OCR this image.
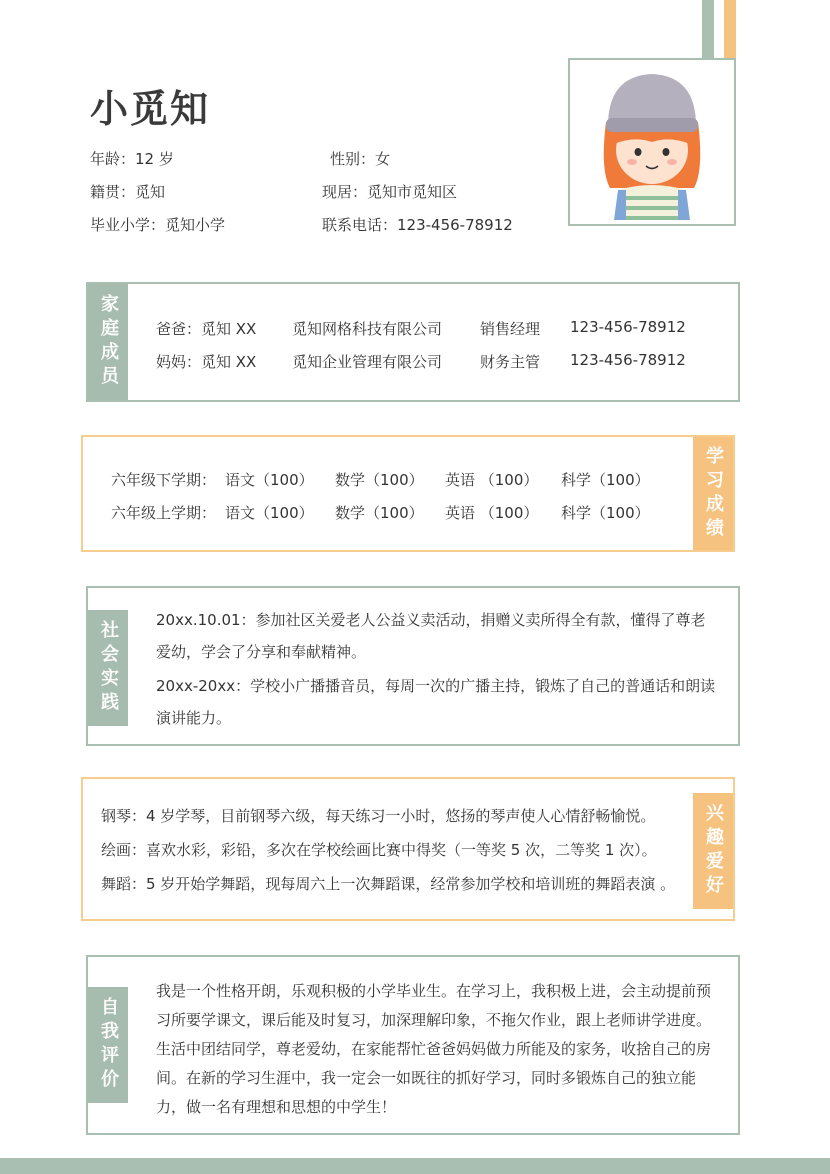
小觅知
年龄：12 岁	性别：女
籍贯：觅知	现居：觅知市觅知区
毕业小学：觅知小学	联系电话：123-456-78912
家庭成员	爸爸：觅知 XX 觅知网格科技有限公司	销售经理 123-456-78912
妈妈：觅知 XX 觅知企业管理有限公司	财务主管 123-456-78912
学习成绩
六年级下学期： 语文（100） 数学（100） 英语 （100） 科学（100）
六年级上学期： 语文（100） 数学（100） 英语 （100） 科学（100）
社会实践	20xx.10.01：参加社区关爱老人公益义卖活动，捐赠义卖所得全有款，懂得了尊老爱幼，学会了分享和奉献精神。
20xx-20xx：学校小广播播音员，每周一次的广播主持，锻炼了自己的普通话和朗读演讲能力。
兴趣爱好
钢琴：4 岁学琴，目前钢琴六级，每天练习一小时，悠扬的琴声使人心情舒畅愉悦。
绘画：喜欢水彩，彩铅，多次在学校绘画比赛中得奖（一等奖 5 次，二等奖 1 次）。
舞蹈：5 岁开始学舞蹈，现每周六上一次舞蹈课，经常参加学校和培训班的舞蹈表演 。
自我评价
我是一个性格开朗，乐观积极的小学毕业生。在学习上，我积极上进，会主动提前预习所要学课文，课后能及时复习，加深理解印象，不拖欠作业，跟上老师讲学进度。生活中团结同学，尊老爱幼，在家能帮忙爸爸妈妈做力所能及的家务，收捨自己的房间。在新的学习生涯中，我一定会一如既往的抓好学习，同时多锻炼自己的独立能力，做一名有理想和思想的中学生！
